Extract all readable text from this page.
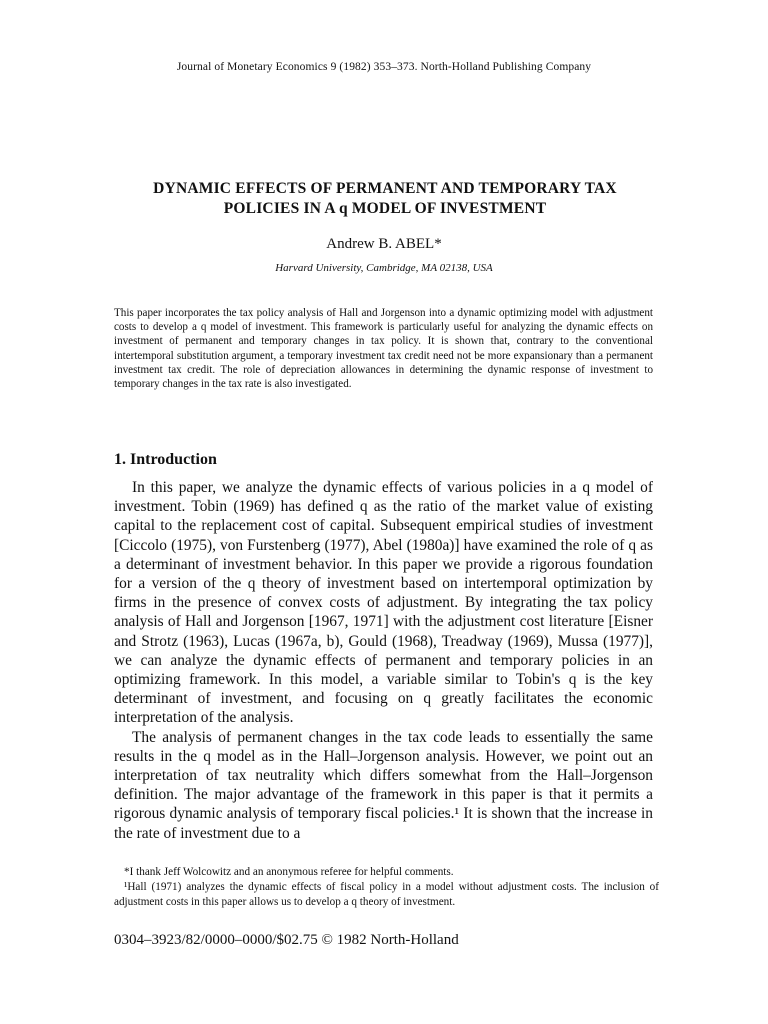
Journal of Monetary Economics 9 (1982) 353–373. North-Holland Publishing Company
DYNAMIC EFFECTS OF PERMANENT AND TEMPORARY TAX
POLICIES IN A q MODEL OF INVESTMENT
Andrew B. ABEL*
Harvard University, Cambridge, MA 02138, USA
This paper incorporates the tax policy analysis of Hall and Jorgenson into a dynamic optimizing model with adjustment costs to develop a q model of investment. This framework is particularly useful for analyzing the dynamic effects on investment of permanent and temporary changes in tax policy. It is shown that, contrary to the conventional intertemporal substitution argument, a temporary investment tax credit need not be more expansionary than a permanent investment tax credit. The role of depreciation allowances in determining the dynamic response of investment to temporary changes in the tax rate is also investigated.
1. Introduction

In this paper, we analyze the dynamic effects of various policies in a q model of investment. Tobin (1969) has defined q as the ratio of the market value of existing capital to the replacement cost of capital. Subsequent empirical studies of investment [Ciccolo (1975), von Furstenberg (1977), Abel (1980a)] have examined the role of q as a determinant of investment behavior. In this paper we provide a rigorous foundation for a version of the q theory of investment based on intertemporal optimization by firms in the presence of convex costs of adjustment. By integrating the tax policy analysis of Hall and Jorgenson [1967, 1971] with the adjustment cost literature [Eisner and Strotz (1963), Lucas (1967a, b), Gould (1968), Treadway (1969), Mussa (1977)], we can analyze the dynamic effects of permanent and temporary policies in an optimizing framework. In this model, a variable similar to Tobin's q is the key determinant of investment, and focusing on q greatly facilitates the economic interpretation of the analysis.

The analysis of permanent changes in the tax code leads to essentially the same results in the q model as in the Hall–Jorgenson analysis. However, we point out an interpretation of tax neutrality which differs somewhat from the Hall–Jorgenson definition. The major advantage of the framework in this paper is that it permits a rigorous dynamic analysis of temporary fiscal policies.¹ It is shown that the increase in the rate of investment due to a

*I thank Jeff Wolcowitz and an anonymous referee for helpful comments.

¹Hall (1971) analyzes the dynamic effects of fiscal policy in a model without adjustment costs. The inclusion of adjustment costs in this paper allows us to develop a q theory of investment.

0304–3923/82/0000–0000/$02.75 © 1982 North-Holland
